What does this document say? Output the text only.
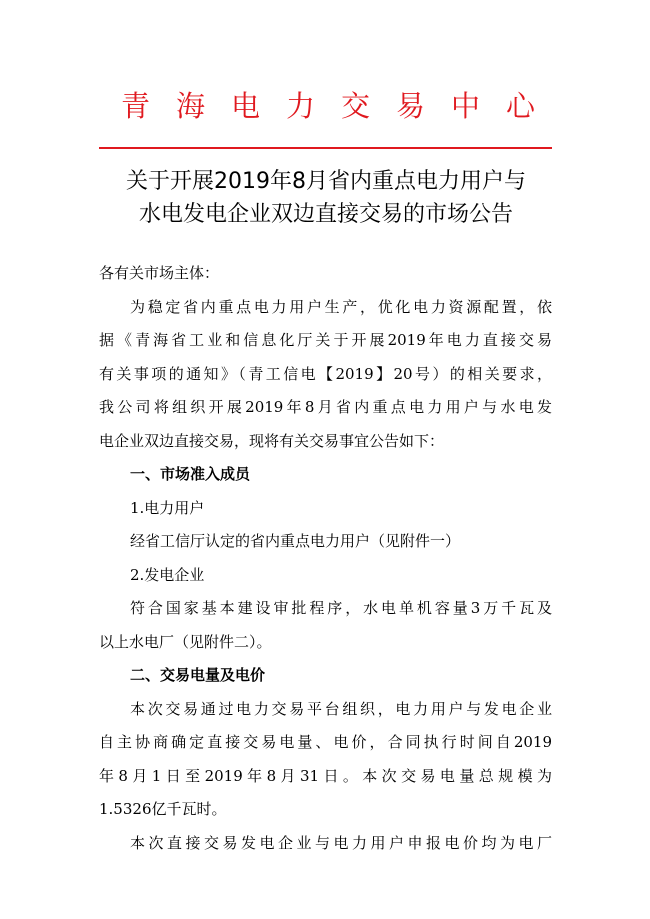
青海电力交易中心
关于开展2019年8月省内重点电力用户与
水电发电企业双边直接交易的市场公告
各有关市场主体：
为稳定省内重点电力用户生产，优化电力资源配置，依
据《青海省工业和信息化厅关于开展2019年电力直接交易
有关事项的通知》（青工信电【2019】20号）的相关要求，
我公司将组织开展2019年8月省内重点电力用户与水电发
电企业双边直接交易，现将有关交易事宜公告如下：
一、市场准入成员
1.电力用户
经省工信厅认定的省内重点电力用户（见附件一）
2.发电企业
符合国家基本建设审批程序，水电单机容量3万千瓦及
以上水电厂（见附件二）。
二、交易电量及电价
本次交易通过电力交易平台组织，电力用户与发电企业
自主协商确定直接交易电量、电价，合同执行时间自2019
年8月1日至2019年8月31日。本次交易电量总规模为
1.5326亿千瓦时。
本次直接交易发电企业与电力用户申报电价均为电厂
